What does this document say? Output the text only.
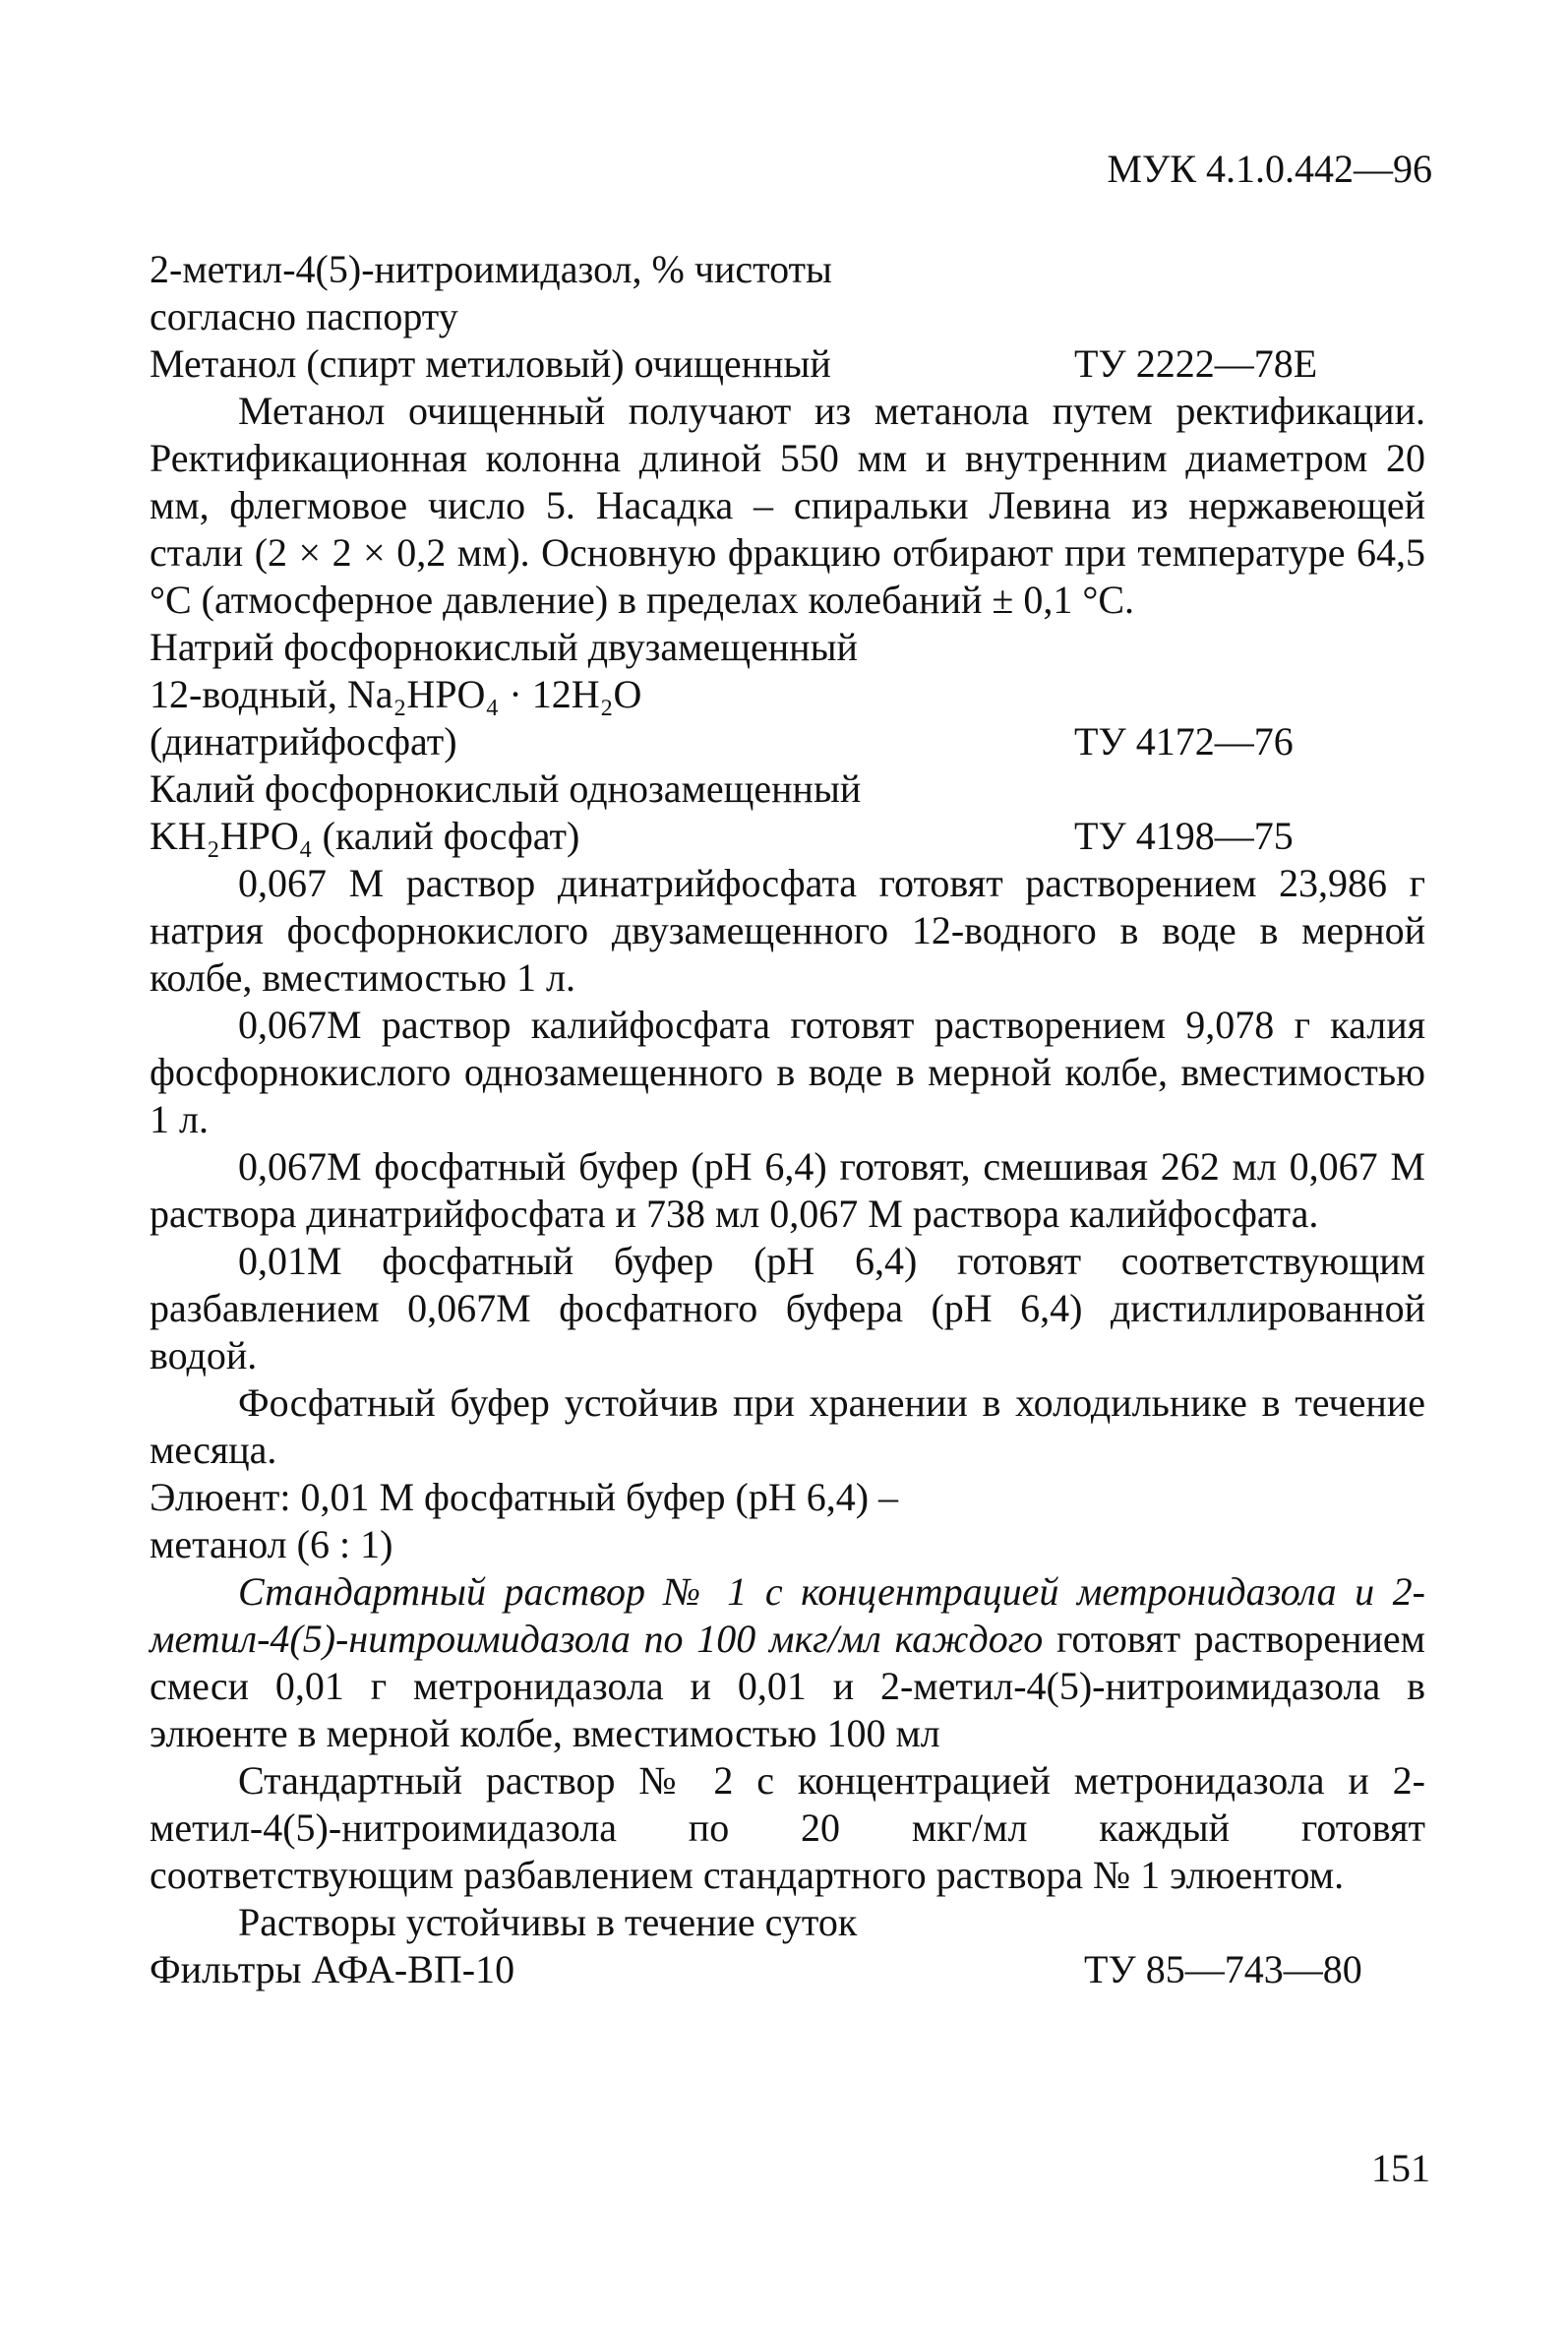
МУК 4.1.0.442—96
2-метил-4(5)-нитроимидазол, % чистоты
согласно паспорту
Метанол (спирт метиловый) очищенный	ТУ 2222—78Е

Метанол очищенный получают из метанола путем ректификации. Ректификационная колонна длиной 550 мм и внутренним диаметром 20 мм, флегмовое число 5. Насадка – спиральки Левина из нержавеющей стали (2 × 2 × 0,2 мм). Основную фракцию отбирают при температуре 64,5 °С (атмосферное давление) в пределах колебаний ± 0,1 °С.

Натрий фосфорнокислый двузамещенный
12-водный, Na₂HPO₄ · 12H₂O
(динатрийфосфат)	ТУ 4172—76
Калий фосфорнокислый однозамещенный
KH₂HPO₄ (калий фосфат)	ТУ 4198—75

0,067 М раствор динатрийфосфата готовят растворением 23,986 г натрия фосфорнокислого двузамещенного 12-водного в воде в мерной колбе, вместимостью 1 л.

0,067М раствор калийфосфата готовят растворением 9,078 г калия фосфорнокислого однозамещенного в воде в мерной колбе, вместимостью 1 л.

0,067М фосфатный буфер (рН 6,4) готовят, смешивая 262 мл 0,067 М раствора динатрийфосфата и 738 мл 0,067 М раствора калийфосфата.

0,01М фосфатный буфер (рН 6,4) готовят соответствующим разбавлением 0,067М фосфатного буфера (рН 6,4) дистиллированной водой.

Фосфатный буфер устойчив при хранении в холодильнике в течение месяца.

Элюент: 0,01 М фосфатный буфер (рН 6,4) –
метанол (6 : 1)

Стандартный раствор № 1 с концентрацией метронидазола и 2-метил-4(5)-нитроимидазола по 100 мкг/мл каждого готовят растворением смеси 0,01 г метронидазола и 0,01 и 2-метил-4(5)-нитроимидазола в элюенте в мерной колбе, вместимостью 100 мл

Стандартный раствор № 2 с концентрацией метронидазола и 2-метил-4(5)-нитроимидазола по 20 мкг/мл каждый готовят соответствующим разбавлением стандартного раствора № 1 элюентом.

Растворы устойчивы в течение суток

Фильтры АФА-ВП-10	ТУ 85—743—80
151
